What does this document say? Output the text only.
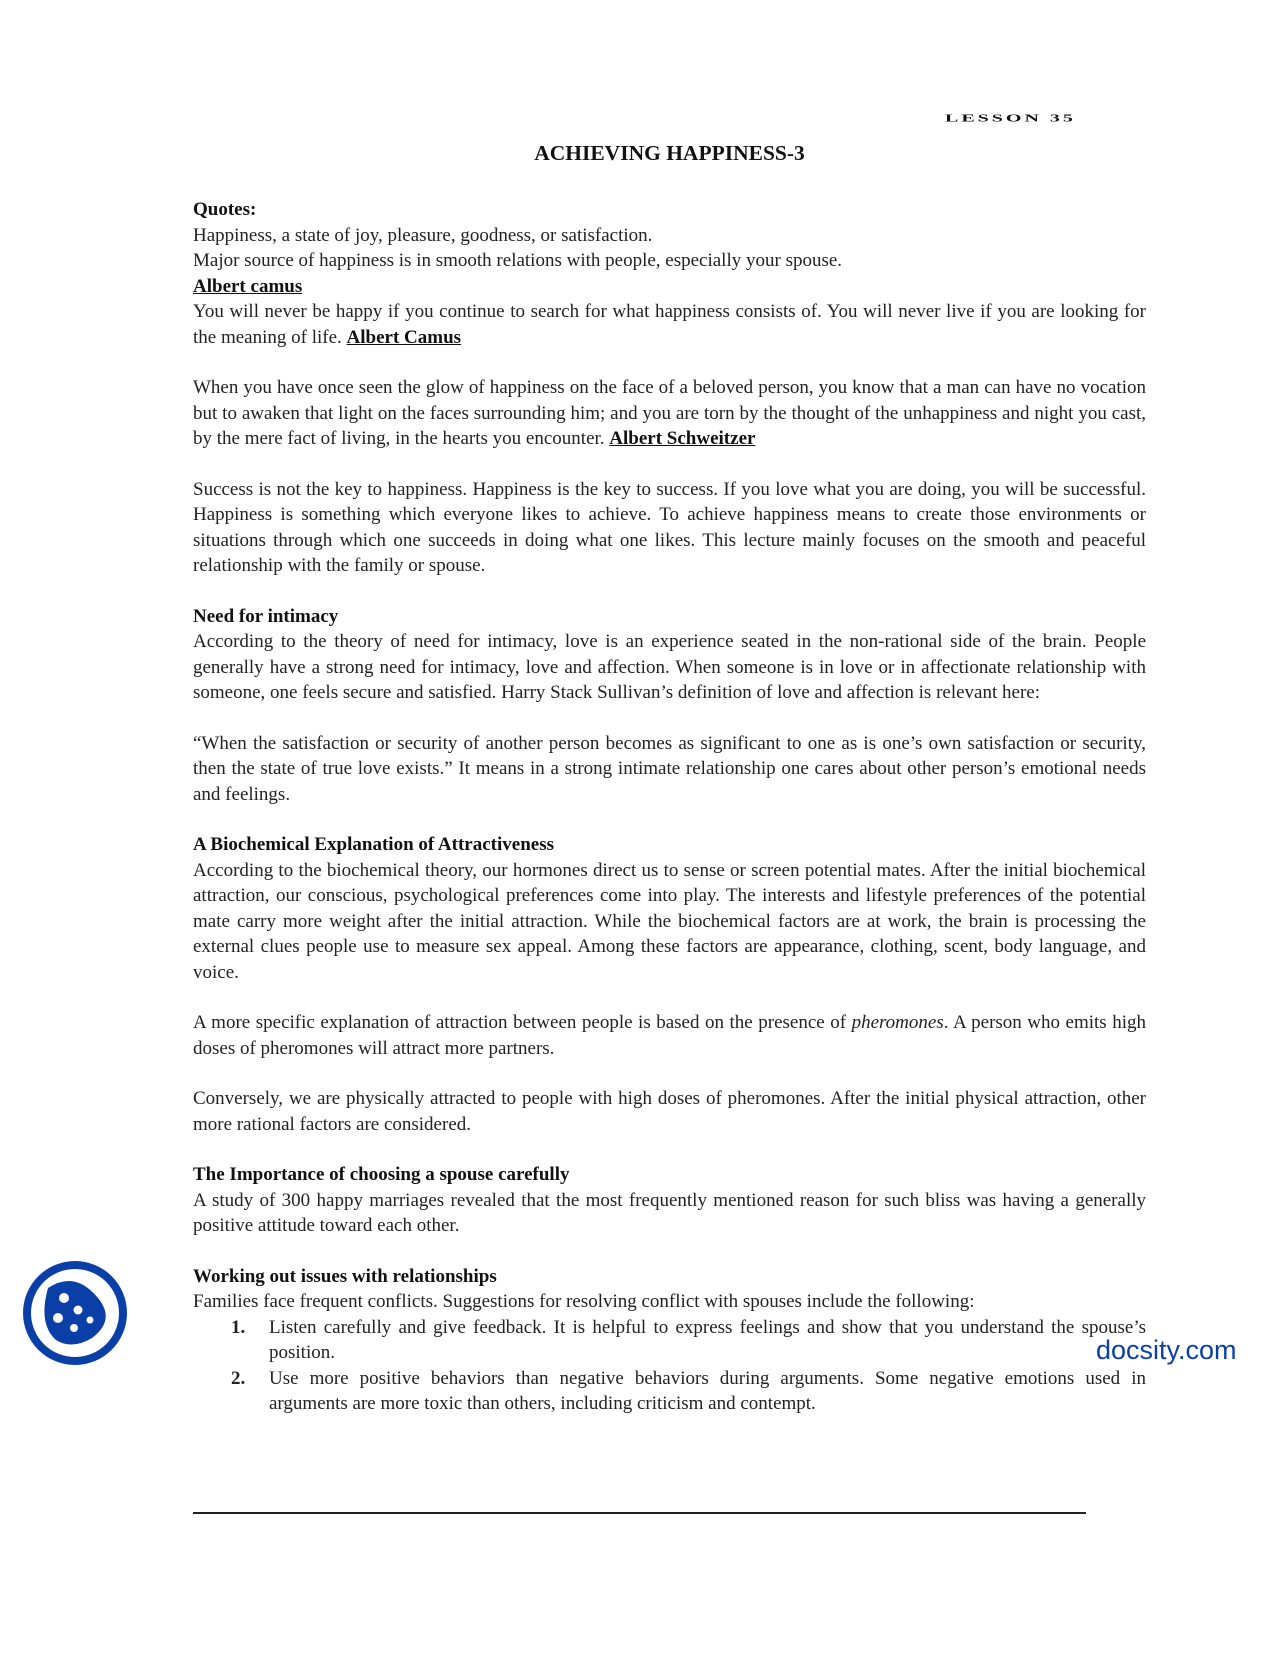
LESSON 35
ACHIEVING HAPPINESS-3

Quotes:

Happiness, a state of joy, pleasure, goodness, or satisfaction.

Major source of happiness is in smooth relations with people, especially your spouse.

Albert camus

You will never be happy if you continue to search for what happiness consists of. You will never live if you are looking for the meaning of life. Albert Camus

When you have once seen the glow of happiness on the face of a beloved person, you know that a man can have no vocation but to awaken that light on the faces surrounding him; and you are torn by the thought of the unhappiness and night you cast, by the mere fact of living, in the hearts you encounter. Albert Schweitzer

Success is not the key to happiness. Happiness is the key to success. If you love what you are doing, you will be successful. Happiness is something which everyone likes to achieve. To achieve happiness means to create those environments or situations through which one succeeds in doing what one likes. This lecture mainly focuses on the smooth and peaceful relationship with the family or spouse.

Need for intimacy

According to the theory of need for intimacy, love is an experience seated in the non-rational side of the brain. People generally have a strong need for intimacy, love and affection. When someone is in love or in affectionate relationship with someone, one feels secure and satisfied. Harry Stack Sullivan’s definition of love and affection is relevant here:

“When the satisfaction or security of another person becomes as significant to one as is one’s own satisfaction or security, then the state of true love exists.” It means in a strong intimate relationship one cares about other person’s emotional needs and feelings.

A Biochemical Explanation of Attractiveness

According to the biochemical theory, our hormones direct us to sense or screen potential mates. After the initial biochemical attraction, our conscious, psychological preferences come into play. The interests and lifestyle preferences of the potential mate carry more weight after the initial attraction. While the biochemical factors are at work, the brain is processing the external clues people use to measure sex appeal. Among these factors are appearance, clothing, scent, body language, and voice.

A more specific explanation of attraction between people is based on the presence of pheromones. A person who emits high doses of pheromones will attract more partners.

Conversely, we are physically attracted to people with high doses of pheromones. After the initial physical attraction, other more rational factors are considered.

The Importance of choosing a spouse carefully

A study of 300 happy marriages revealed that the most frequently mentioned reason for such bliss was having a generally positive attitude toward each other.

Working out issues with relationships

Families face frequent conflicts. Suggestions for resolving conflict with spouses include the following:

1. Listen carefully and give feedback. It is helpful to express feelings and show that you understand the spouse’s position.
2. Use more positive behaviors than negative behaviors during arguments. Some negative emotions used in arguments are more toxic than others, including criticism and contempt.
docsity.com
